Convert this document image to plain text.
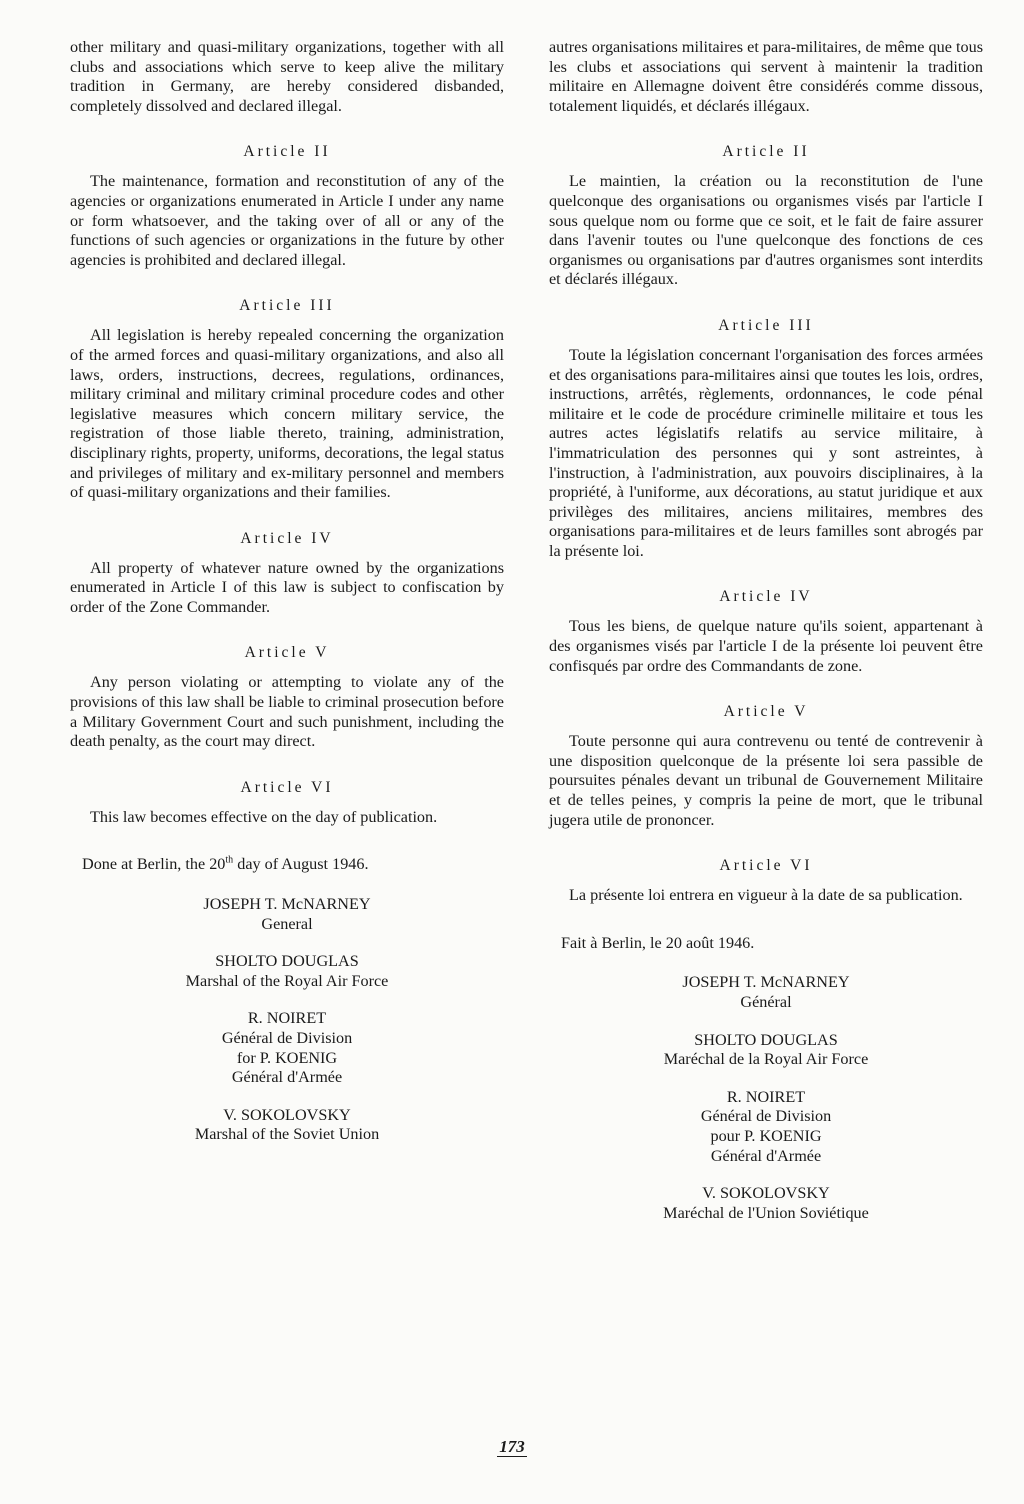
other military and quasi-military organizations, together with all clubs and associations which serve to keep alive the military tradition in Germany, are hereby considered disbanded, completely dissolved and declared illegal.

Article II

The maintenance, formation and reconstitution of any of the agencies or organizations enumerated in Article I under any name or form whatsoever, and the taking over of all or any of the functions of such agencies or organizations in the future by other agencies is prohibited and declared illegal.

Article III

All legislation is hereby repealed concerning the organization of the armed forces and quasi-military organizations, and also all laws, orders, instructions, decrees, regulations, ordinances, military criminal and military criminal procedure codes and other legislative measures which concern military service, the registration of those liable thereto, training, administration, disciplinary rights, property, uniforms, decorations, the legal status and privileges of military and ex-military personnel and members of quasi-military organizations and their families.

Article IV

All property of whatever nature owned by the organizations enumerated in Article I of this law is subject to confiscation by order of the Zone Commander.

Article V

Any person violating or attempting to violate any of the provisions of this law shall be liable to criminal prosecution before a Military Government Court and such punishment, including the death penalty, as the court may direct.

Article VI

This law becomes effective on the day of publication.

Done at Berlin, the 20th day of August 1946.

JOSEPH T. McNARNEY
General
SHOLTO DOUGLAS
Marshal of the Royal Air Force
R. NOIRET
Général de Division
for P. KOENIG
Général d'Armée
V. SOKOLOVSKY
Marshal of the Soviet Union

autres organisations militaires et para-militaires, de même que tous les clubs et associations qui servent à maintenir la tradition militaire en Allemagne doivent être considérés comme dissous, totalement liquidés, et déclarés illégaux.

Article II

Le maintien, la création ou la reconstitution de l'une quelconque des organisations ou organismes visés par l'article I sous quelque nom ou forme que ce soit, et le fait de faire assurer dans l'avenir toutes ou l'une quelconque des fonctions de ces organismes ou organisations par d'autres organismes sont interdits et déclarés illégaux.

Article III

Toute la législation concernant l'organisation des forces armées et des organisations para-militaires ainsi que toutes les lois, ordres, instructions, arrêtés, règlements, ordonnances, le code pénal militaire et le code de procédure criminelle militaire et tous les autres actes législatifs relatifs au service militaire, à l'immatriculation des personnes qui y sont astreintes, à l'instruction, à l'administration, aux pouvoirs disciplinaires, à la propriété, à l'uniforme, aux décorations, au statut juridique et aux privilèges des militaires, anciens militaires, membres des organisations para-militaires et de leurs familles sont abrogés par la présente loi.

Article IV

Tous les biens, de quelque nature qu'ils soient, appartenant à des organismes visés par l'article I de la présente loi peuvent être confisqués par ordre des Commandants de zone.

Article V

Toute personne qui aura contrevenu ou tenté de contrevenir à une disposition quelconque de la présente loi sera passible de poursuites pénales devant un tribunal de Gouvernement Militaire et de telles peines, y compris la peine de mort, que le tribunal jugera utile de prononcer.

Article VI

La présente loi entrera en vigueur à la date de sa publication.

Fait à Berlin, le 20 août 1946.

JOSEPH T. McNARNEY
Général
SHOLTO DOUGLAS
Maréchal de la Royal Air Force
R. NOIRET
Général de Division
pour P. KOENIG
Général d'Armée
V. SOKOLOVSKY
Maréchal de l'Union Soviétique
173
